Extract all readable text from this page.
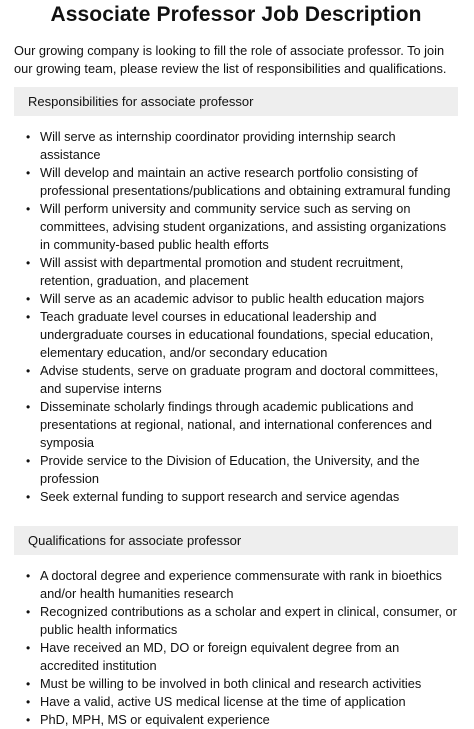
Associate Professor Job Description

Our growing company is looking to fill the role of associate professor. To join our growing team, please review the list of responsibilities and qualifications.

Responsibilities for associate professor
• Will serve as internship coordinator providing internship search assistance
• Will develop and maintain an active research portfolio consisting of professional presentations/publications and obtaining extramural funding
• Will perform university and community service such as serving on committees, advising student organizations, and assisting organizations in community-based public health efforts
• Will assist with departmental promotion and student recruitment, retention, graduation, and placement
• Will serve as an academic advisor to public health education majors
• Teach graduate level courses in educational leadership and undergraduate courses in educational foundations, special education, elementary education, and/or secondary education
• Advise students, serve on graduate program and doctoral committees, and supervise interns
• Disseminate scholarly findings through academic publications and presentations at regional, national, and international conferences and symposia
• Provide service to the Division of Education, the University, and the profession
• Seek external funding to support research and service agendas
Qualifications for associate professor
• A doctoral degree and experience commensurate with rank in bioethics and/or health humanities research
• Recognized contributions as a scholar and expert in clinical, consumer, or public health informatics
• Have received an MD, DO or foreign equivalent degree from an accredited institution
• Must be willing to be involved in both clinical and research activities
• Have a valid, active US medical license at the time of application
• PhD, MPH, MS or equivalent experience
